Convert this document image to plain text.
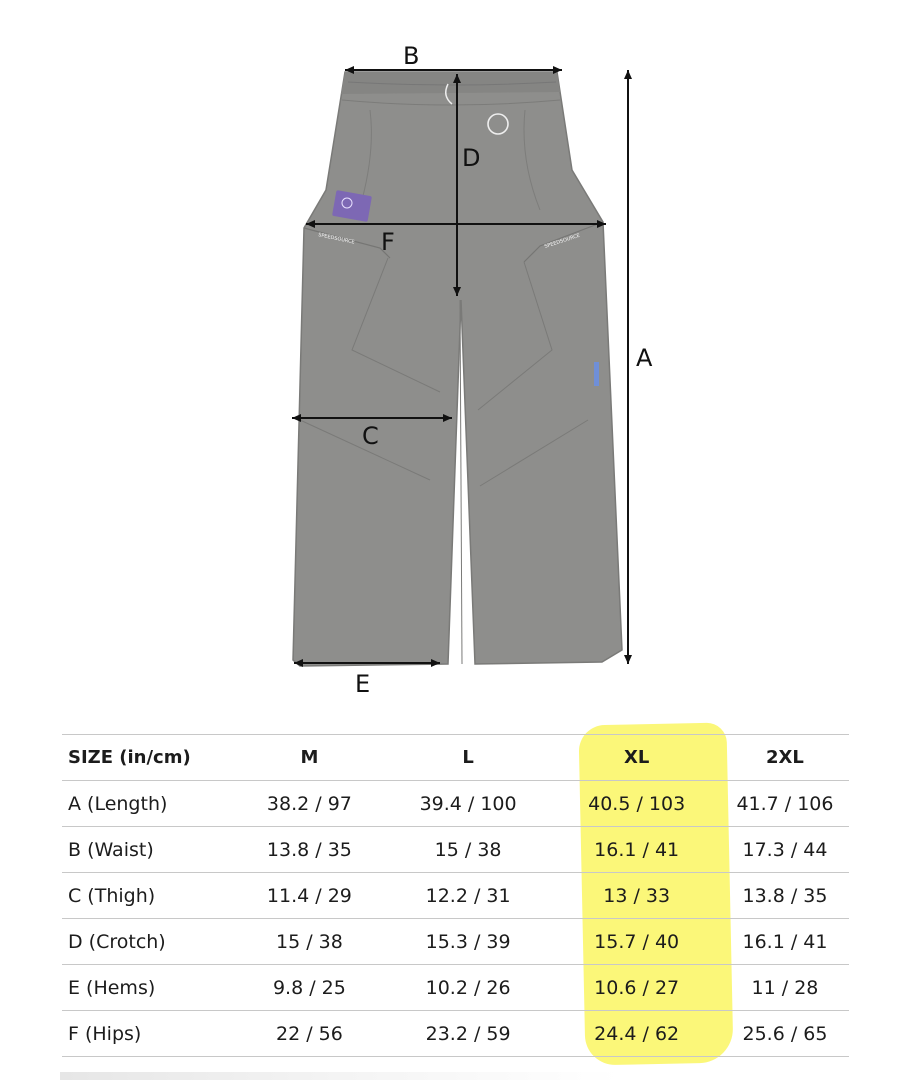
SPEEDSOURCE	SPEEDSOURCE
B
D
F
C
E
A
SIZE (in/cm)	M	L	XL	2XL
A (Length)	38.2 / 97	39.4 / 100	40.5 / 103	41.7 / 106
B (Waist)	13.8 / 35	15 / 38	16.1 / 41	17.3 / 44
C (Thigh)	11.4 / 29	12.2 / 31	13 / 33	13.8 / 35
D (Crotch)	15 / 38	15.3 / 39	15.7 / 40	16.1 / 41
E (Hems)	9.8 / 25	10.2 / 26	10.6 / 27	11 / 28
F (Hips)	22 / 56	23.2 / 59	24.4 / 62	25.6 / 65
